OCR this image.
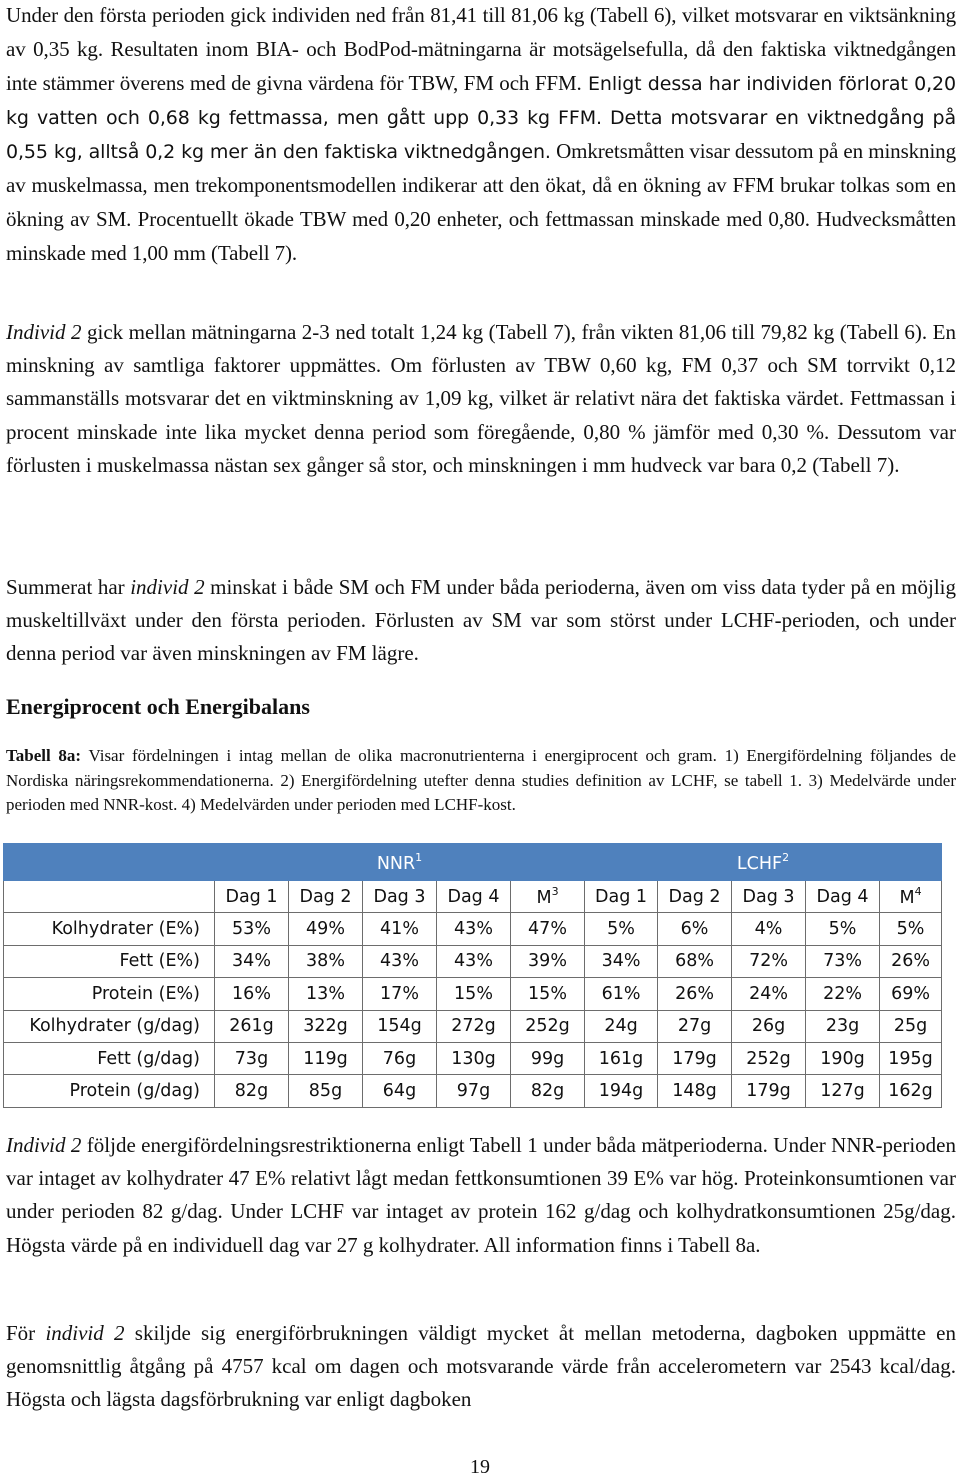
Under den första perioden gick individen ned från 81,41 till 81,06 kg (Tabell 6), vilket motsvarar en viktsänkning av 0,35 kg. Resultaten inom BIA- och BodPod-mätningarna är motsägelsefulla, då den faktiska viktnedgången inte stämmer överens med de givna värdena för TBW, FM och FFM. Enligt dessa har individen förlorat 0,20 kg vatten och 0,68 kg fettmassa, men gått upp 0,33 kg FFM. Detta motsvarar en viktnedgång på 0,55 kg, alltså 0,2 kg mer än den faktiska viktnedgången. Omkretsmåtten visar dessutom på en minskning av muskelmassa, men trekomponentsmodellen indikerar att den ökat, då en ökning av FFM brukar tolkas som en ökning av SM. Procentuellt ökade TBW med 0,20 enheter, och fettmassan minskade med 0,80. Hudvecksmåtten minskade med 1,00 mm (Tabell 7).

Individ 2 gick mellan mätningarna 2-3 ned totalt 1,24 kg (Tabell 7), från vikten 81,06 till 79,82 kg (Tabell 6). En minskning av samtliga faktorer uppmättes. Om förlusten av TBW 0,60 kg, FM 0,37 och SM torrvikt 0,12 sammanställs motsvarar det en viktminskning av 1,09 kg, vilket är relativt nära det faktiska värdet. Fettmassan i procent minskade inte lika mycket denna period som föregående, 0,80 % jämför med 0,30 %. Dessutom var förlusten i muskelmassa nästan sex gånger så stor, och minskningen i mm hudveck var bara 0,2 (Tabell 7).

Summerat har individ 2 minskat i både SM och FM under båda perioderna, även om viss data tyder på en möjlig muskeltillväxt under den första perioden. Förlusten av SM var som störst under LCHF-perioden, och under denna period var även minskningen av FM lägre.

Energiprocent och Energibalans

Tabell 8a: Visar fördelningen i intag mellan de olika macronutrienterna i energiprocent och gram. 1) Energifördelning följandes de Nordiska näringsrekommendationerna. 2) Energifördelning utefter denna studies definition av LCHF, se tabell 1. 3) Medelvärde under perioden med NNR-kost. 4) Medelvärden under perioden med LCHF-kost.

	NNR$^1$					LCHF$^2$
	Dag 1	Dag 2	Dag 3	Dag 4	$M^3$	Dag 1	Dag 2	Dag 3	Dag 4	$M^4$
Kolhydrater (E%)	53%	49%	41%	43%	47%	5%	6%	4%	5%	5%
Fett (E%)	34%	38%	43%	43%	39%	34%	68%	72%	73%	26%
Protein (E%)	16%	13%	17%	15%	15%	61%	26%	24%	22%	69%
Kolhydrater (g/dag)	261g	322g	154g	272g	252g	24g	27g	26g	23g	25g
Fett (g/dag)	73g	119g	76g	130g	99g	161g	179g	252g	190g	195g
Protein (g/dag)	82g	85g	64g	97g	82g	194g	148g	179g	127g	162g

Individ 2 följde energifördelningsrestriktionerna enligt Tabell 1 under båda mätperioderna. Under NNR-perioden var intaget av kolhydrater 47 E% relativt lågt medan fettkonsumtionen 39 E% var hög. Proteinkonsumtionen var under perioden 82 g/dag. Under LCHF var intaget av protein 162 g/dag och kolhydratkonsumtionen 25g/dag. Högsta värde på en individuell dag var 27 g kolhydrater. All information finns i Tabell 8a.

För individ 2 skiljde sig energiförbrukningen väldigt mycket åt mellan metoderna, dagboken uppmätte en genomsnittlig åtgång på 4757 kcal om dagen och motsvarande värde från accelerometern var 2543 kcal/dag. Högsta och lägsta dagsförbrukning var enligt dagboken

19
